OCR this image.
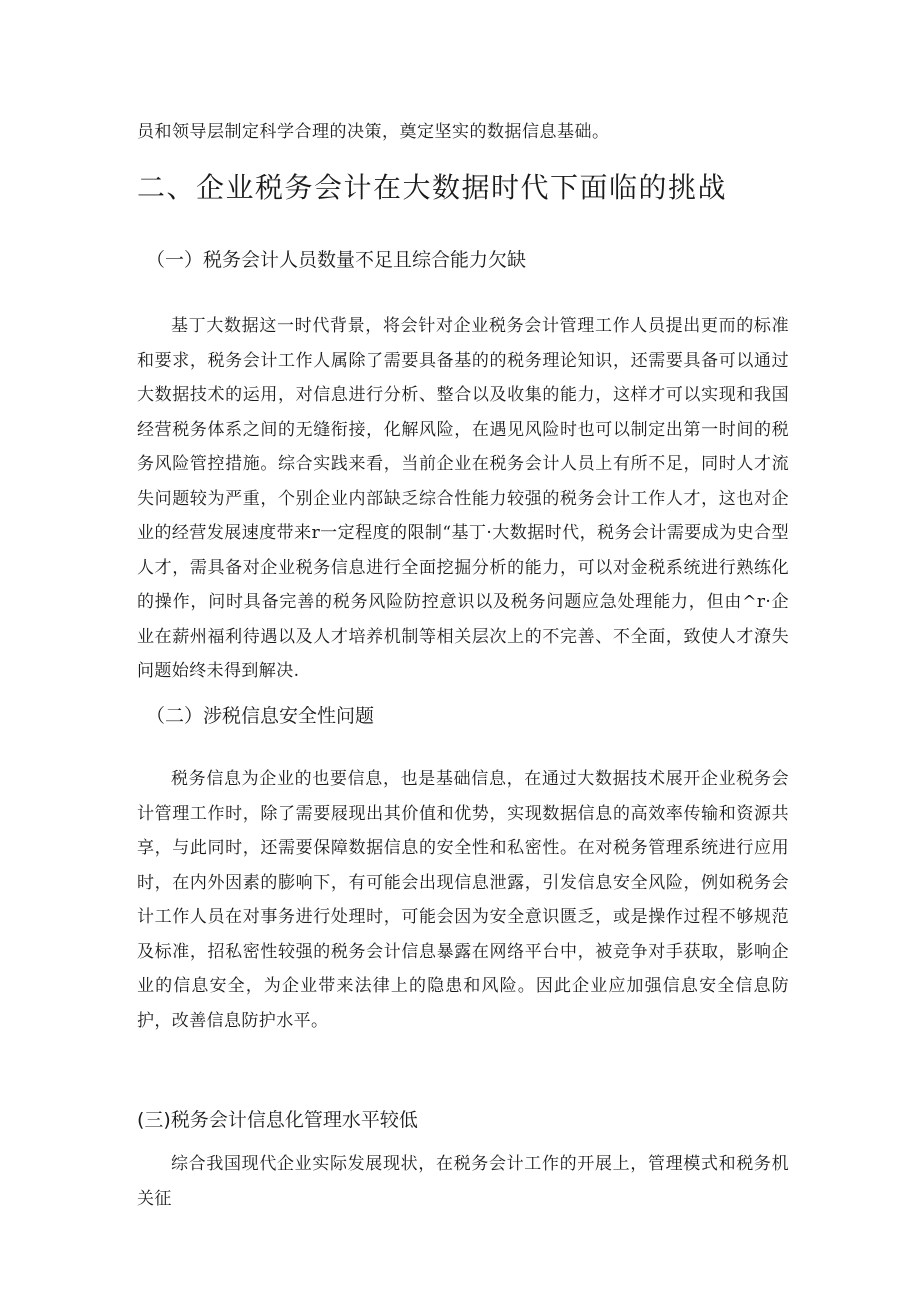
员和领导层制定科学合理的决策，奠定坚实的数据信息基础。

二、企业税务会计在大数据时代下面临的挑战
（一）税务会计人员数量不足且综合能力欠缺

基丁大数据这一时代背景，将会针对企业税务会计管理工作人员提出更而的标准和要求，税务会计工作人属除了需要具备基的的税务理论知识，还需要具备可以通过大数据技术的运用，对信息进行分析、整合以及收集的能力，这样才可以实现和我国经营税务体系之间的无缝衔接，化解风险，在遇见风险时也可以制定出第一时间的税务风险管控措施。综合实践来看，当前企业在税务会计人员上有所不足，同时人才流失问题较为严重，个别企业内部缺乏综合性能力较强的税务会计工作人才，这也对企业的经营发展速度带来r一定程度的限制“基丁·大数据时代，税务会计需要成为史合型人才，需具备对企业税务信息进行全面挖掘分析的能力，可以对金税系统进行熟练化的操作，问时具备完善的税务风险防控意识以及税务问题应急处理能力，但由^r·企业在薪州福利待遇以及人才培养机制等相关层次上的不完善、不全面，致使人才潦失问题始终未得到解决.

（二）涉税信息安全性问题

税务信息为企业的也要信息，也是基础信息，在通过大数据技术展开企业税务会计管理工作时，除了需要屐现出其价值和优势，实现数据信息的高效率传输和资源共享，与此同时，还需要保障数据信息的安全性和私密性。在对税务管理系统进行应用时，在内外因素的膨响下，有可能会出现信息泄露，引发信息安全风险，例如税务会计工作人员在对事务进行处理时，可能会因为安全意识匮乏，或是操作过程不够规范及标准，招私密性较强的税务会计信息暴露在网络平台中，被竞争对手获取，影响企业的信息安全，为企业带来法律上的隐患和风险。因此企业应加强信息安全信息防护，改善信息防护水平。

(三)税务会计信息化管理水平较低

综合我国现代企业实际发展现状，在税务会计工作的开展上，管理模式和税务机关征
